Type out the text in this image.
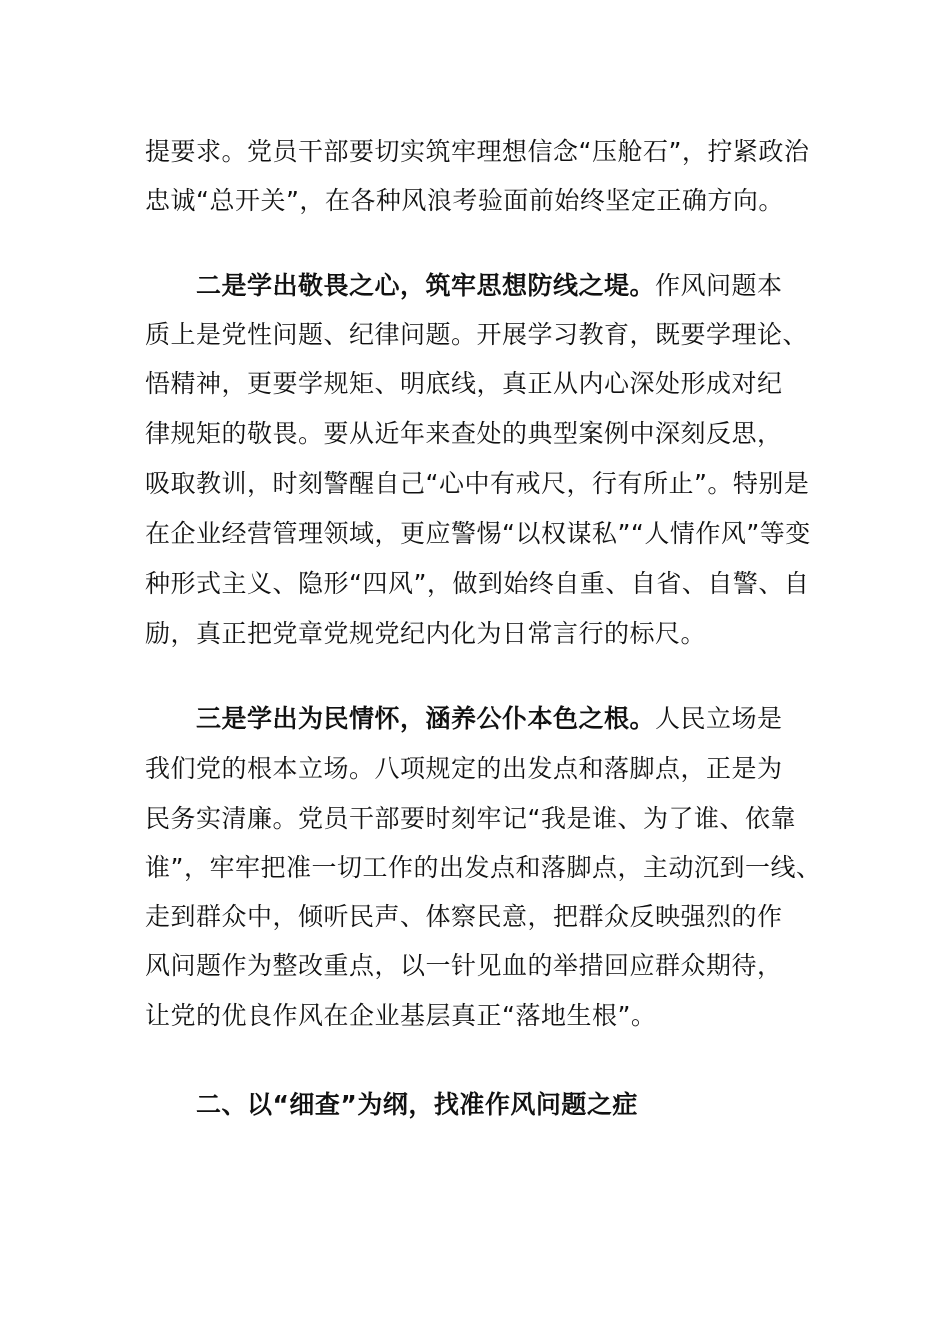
提要求。党员干部要切实筑牢理想信念“压舱石”，拧紧政治
忠诚“总开关”，在各种风浪考验面前始终坚定正确方向。
二是学出敬畏之心，筑牢思想防线之堤。作风问题本
质上是党性问题、纪律问题。开展学习教育，既要学理论、
悟精神，更要学规矩、明底线，真正从内心深处形成对纪
律规矩的敬畏。要从近年来查处的典型案例中深刻反思，
吸取教训，时刻警醒自己“心中有戒尺，行有所止”。特别是
在企业经营管理领域，更应警惕“以权谋私”“人情作风”等变
种形式主义、隐形“四风”，做到始终自重、自省、自警、自
励，真正把党章党规党纪内化为日常言行的标尺。
三是学出为民情怀，涵养公仆本色之根。人民立场是
我们党的根本立场。八项规定的出发点和落脚点，正是为
民务实清廉。党员干部要时刻牢记“我是谁、为了谁、依靠
谁”，牢牢把准一切工作的出发点和落脚点，主动沉到一线、
走到群众中，倾听民声、体察民意，把群众反映强烈的作
风问题作为整改重点，以一针见血的举措回应群众期待，
让党的优良作风在企业基层真正“落地生根”。
二、以“细查”为纲，找准作风问题之症
